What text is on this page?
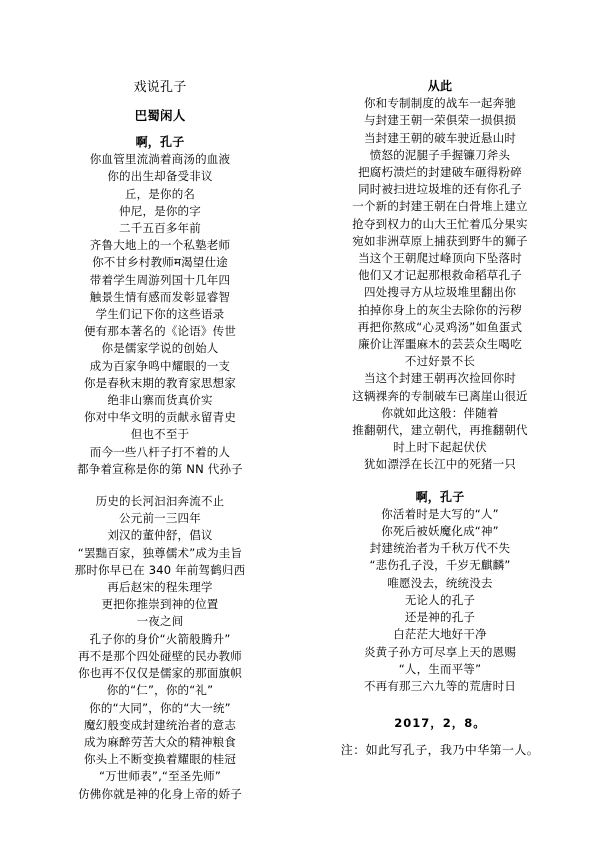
戏说孔子
巴蜀闲人
啊，孔子
你血管里流淌着商汤的血液
你的出生却备受非议
丘，是你的名
仲尼，是你的字
二千五百多年前
齐鲁大地上的一个私塾老师
你不甘乡村教师म渴望仕途
带着学生周游列国十几年四
触景生情有感而发彰显睿智
学生们记下你的这些语录
便有那本著名的《论语》传世
你是儒家学说的创始人
成为百家争鸣中耀眼的一支
你是春秋末期的教育家思想家
绝非山寨而货真价实
你对中华文明的贡献永留青史
但也不至于
而今一些八杆子打不着的人
都争着宣称是你的第 NN 代孙子
历史的长河汩汩奔流不止
公元前一三四年
刘汉的董仲舒，倡议
“罢黜百家，独尊儒术”成为圭旨
那时你早已在 340 年前驾鹤归西
再后赵宋的程朱理学
更把你推崇到神的位置
一夜之间
孔子你的身价“火箭般腾升”
再不是那个四处碰壁的民办教师
你也再不仅仅是儒家的那面旗帜
你的“仁”，你的“礼”
你的“大同”，你的“大一统”
魔幻般变成封建统治者的意志
成为麻醉劳苦大众的精神粮食
你头上不断变换着耀眼的桂冠
“万世师表”,“至圣先师”
仿佛你就是神的化身上帝的娇子
从此
你和专制制度的战车一起奔驰
与封建王朝一荣俱荣一损俱损
当封建王朝的破车驶近悬山时
愤怒的泥腿子手握镰刀斧头
把腐朽溃烂的封建破车砸得粉碎
同时被扫进垃圾堆的还有你孔子
一个新的封建王朝在白骨堆上建立
抢夺到权力的山大王忙着瓜分果实
宛如非洲草原上捕获到野牛的狮子
当这个王朝爬过峰顶向下坠落时
他们又才记起那根救命稻草孔子
四处搜寻方从垃圾堆里翻出你
拍掉你身上的灰尘去除你的污秽
再把你熬成“心灵鸡汤”如鱼蛋式
廉价让浑噩麻木的芸芸众生喝吃
不过好景不长
当这个封建王朝再次捡回你时
这辆裸奔的专制破车已离崖山很近
你就如此这般：伴随着
推翻朝代，建立朝代，再推翻朝代
时上时下起起伏伏
犹如漂浮在长江中的死猪一只
啊，孔子
你活着时是大写的“人”
你死后被妖魔化成“神”
封建统治者为千秋万代不失
“悲伤孔子没，千岁无麒麟”
唯愿没去，统统没去
无论人的孔子
还是神的孔子
白茫茫大地好干净
炎黄子孙方可尽享上天的恩赐
“人，生而平等”
不再有那三六九等的荒唐时日
2017，2，8。
注：如此写孔子，我乃中华第一人。
